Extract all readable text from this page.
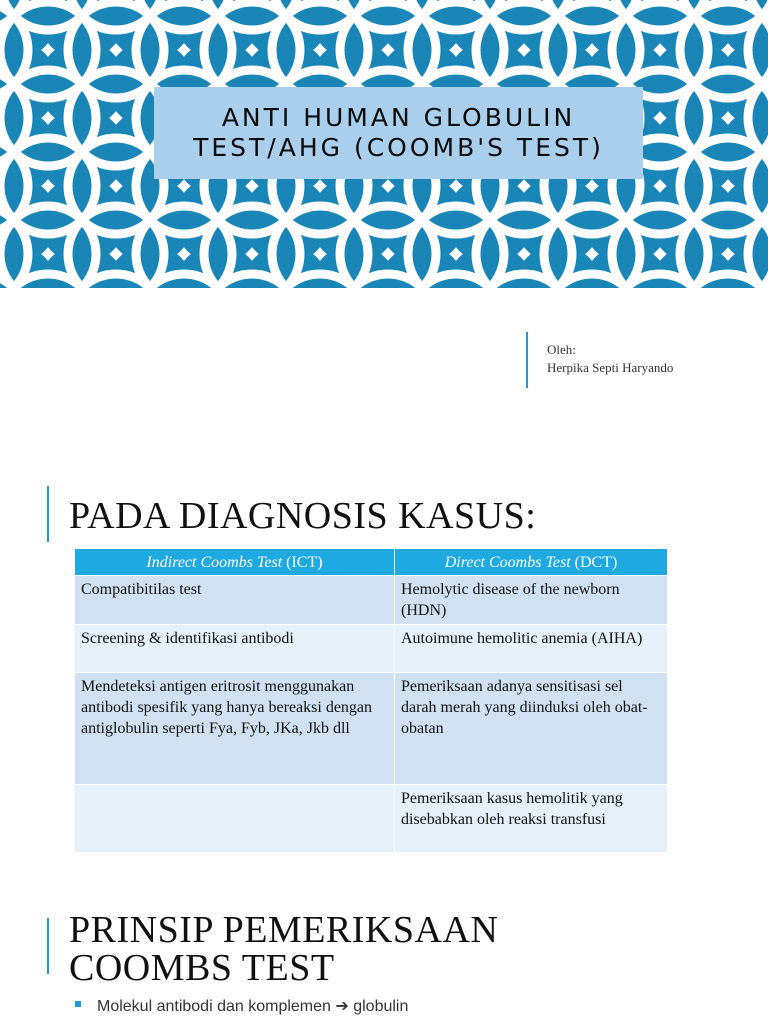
ANTI HUMAN GLOBULIN
TEST/AHG (COOMB'S TEST)
Oleh:
Herpika Septi Haryando
PADA DIAGNOSIS KASUS:
Indirect Coombs Test (ICT)	Direct Coombs Test (DCT)
Compatibitilas test	Hemolytic disease of the newborn (HDN)
Screening & identifikasi antibodi	Autoimune hemolitic anemia (AIHA)
Mendeteksi antigen eritrosit menggunakan antibodi spesifik yang hanya bereaksi dengan antiglobulin seperti Fya, Fyb, JKa, Jkb dll	Pemeriksaan adanya sensitisasi sel darah merah yang diinduksi oleh obat-obatan
	Pemeriksaan kasus hemolitik yang disebabkan oleh reaksi transfusi
PRINSIP PEMERIKSAAN
COOMBS TEST
Molekul antibodi dan komplemen ➔ globulin
